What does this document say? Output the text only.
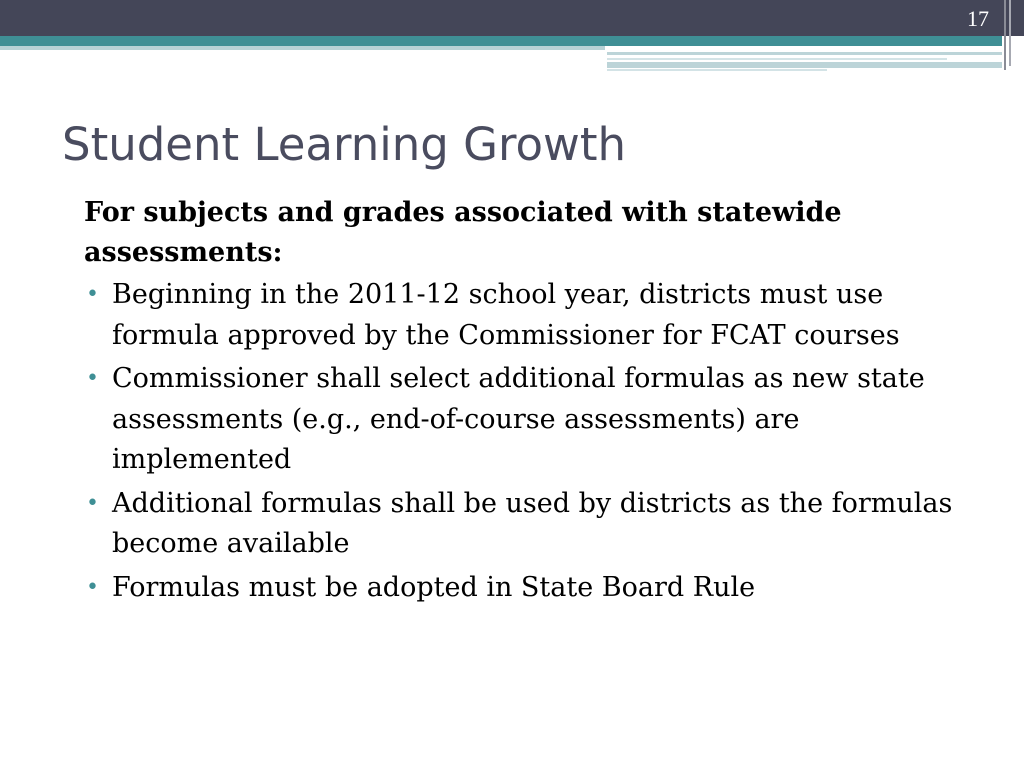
17
Student Learning Growth

For subjects and grades associated with statewide assessments:

• Beginning in the 2011-12 school year, districts must use formula approved by the Commissioner for FCAT courses
• Commissioner shall select additional formulas as new state assessments (e.g., end-of-course assessments) are implemented
• Additional formulas shall be used by districts as the formulas become available
• Formulas must be adopted in State Board Rule
